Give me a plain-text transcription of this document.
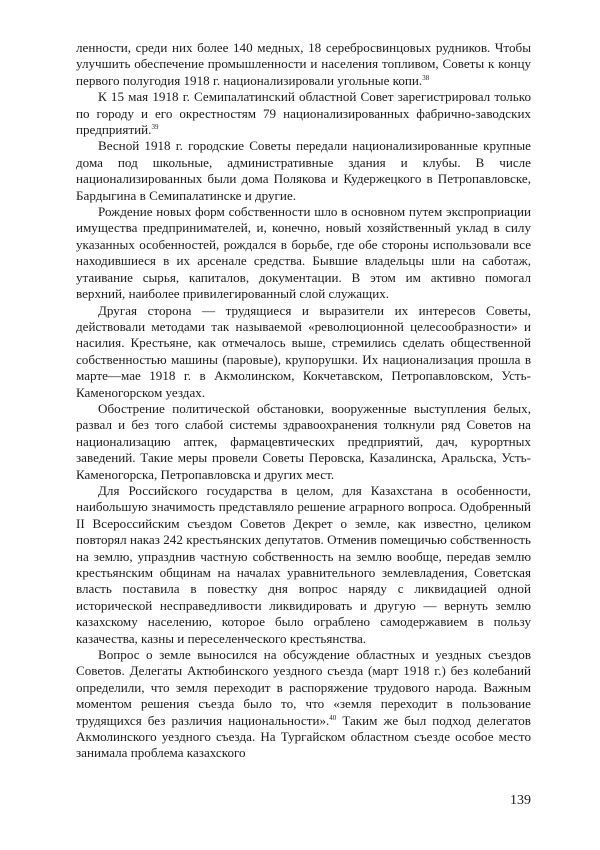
ленности, среди них более 140 медных, 18 серебросвинцовых рудников. Чтобы улучшить обеспечение промышленности и населения топливом, Советы к концу первого полугодия 1918 г. национализировали угольные копи.$^{38}$

К 15 мая 1918 г. Семипалатинский областной Совет зарегистрировал только по городу и его окрестностям 79 национализированных фабрично-заводских предприятий.$^{39}$

Весной 1918 г. городские Советы передали национализированные крупные дома под школьные, административные здания и клубы. В числе национализированных были дома Полякова и Кудержецкого в Петропавловске, Бардыгина в Семипалатинске и другие.

Рождение новых форм собственности шло в основном путем экспроприации имущества предпринимателей, и, конечно, новый хозяйственный уклад в силу указанных особенностей, рождался в борьбе, где обе стороны использовали все находившиеся в их арсенале средства. Бывшие владельцы шли на саботаж, утаивание сырья, капиталов, документации. В этом им активно помогал верхний, наиболее привилегированный слой служащих.

Другая сторона — трудящиеся и выразители их интересов Советы, действовали методами так называемой «революционной целесообразности» и насилия. Крестьяне, как отмечалось выше, стремились сделать общественной собственностью машины (паровые), крупорушки. Их национализация прошла в марте—мае 1918 г. в Акмолинском, Кокчетавском, Петропавловском, Усть-Каменогорском уездах.

Обострение политической обстановки, вооруженные выступления белых, развал и без того слабой системы здравоохранения толкнули ряд Советов на национализацию аптек, фармацевтических предприятий, дач, курортных заведений. Такие меры провели Советы Перовска, Казалинска, Аральска, Усть-Каменогорска, Петропавловска и других мест.

Для Российского государства в целом, для Казахстана в особенности, наибольшую значимость представляло решение аграрного вопроса. Одобренный II Всероссийским съездом Советов Декрет о земле, как известно, целиком повторял наказ 242 крестьянских депутатов. Отменив помещичью собственность на землю, упразднив частную собственность на землю вообще, передав землю крестьянским общинам на началах уравнительного землевладения, Советская власть поставила в повестку дня вопрос наряду с ликвидацией одной исторической несправедливости ликвидировать и другую — вернуть землю казахскому населению, которое было ограблено самодержавием в пользу казачества, казны и переселенческого крестьянства.

Вопрос о земле выносился на обсуждение областных и уездных съездов Советов. Делегаты Актюбинского уездного съезда (март 1918 г.) без колебаний определили, что земля переходит в распоряжение трудового народа. Важным моментом решения съезда было то, что «земля переходит в пользование трудящихся без различия национальности».$^{40}$ Таким же был подход делегатов Акмолинского уездного съезда. На Тургайском областном съезде особое место занимала проблема казахского

139
